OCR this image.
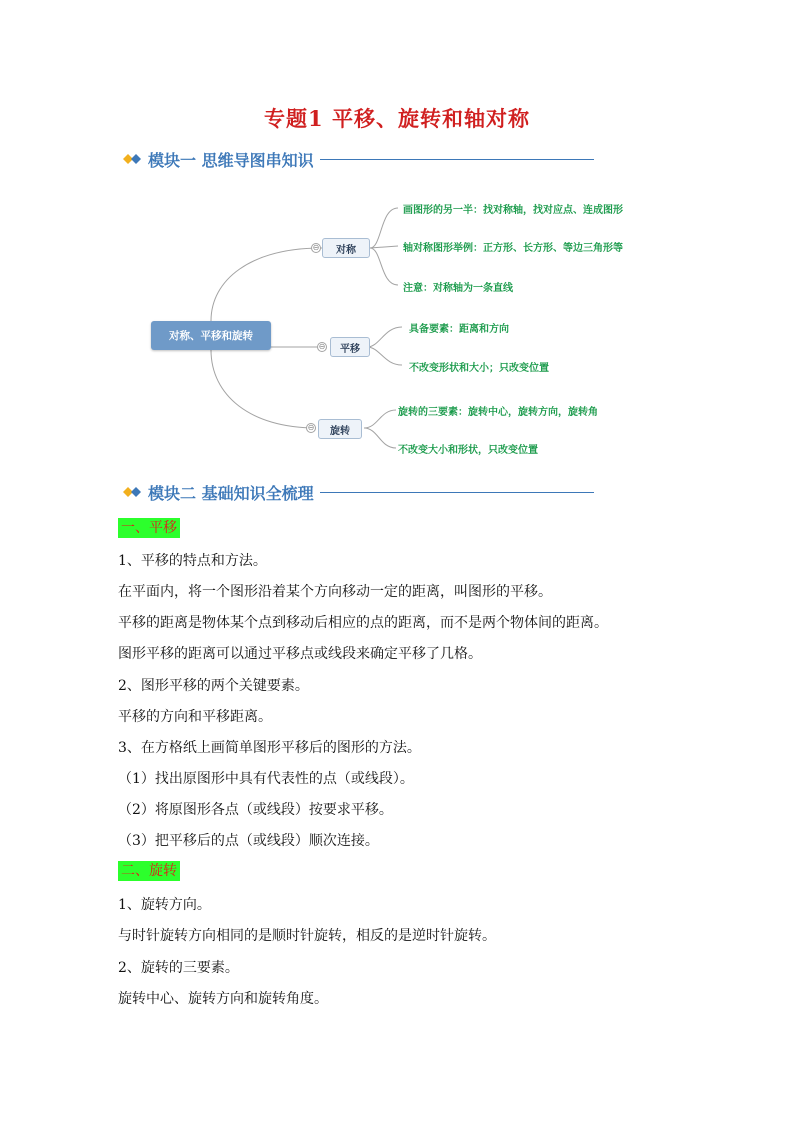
专题1 平移、旋转和轴对称
模块一 思维导图串知识
对称、平移和旋转
⊖	对称
画图形的另一半：找对称轴，找对应点、连成图形
轴对称图形举例：正方形、长方形、等边三角形等
注意：对称轴为一条直线
⊖	平移
具备要素：距离和方向
不改变形状和大小；只改变位置
⊖	旋转
旋转的三要素：旋转中心，旋转方向，旋转角
不改变大小和形状，只改变位置
模块二 基础知识全梳理
一、平移
1、平移的特点和方法。
在平面内，将一个图形沿着某个方向移动一定的距离，叫图形的平移。
平移的距离是物体某个点到移动后相应的点的距离，而不是两个物体间的距离。
图形平移的距离可以通过平移点或线段来确定平移了几格。
2、图形平移的两个关键要素。
平移的方向和平移距离。
3、在方格纸上画简单图形平移后的图形的方法。
（1）找出原图形中具有代表性的点（或线段）。
（2）将原图形各点（或线段）按要求平移。
（3）把平移后的点（或线段）顺次连接。
二、旋转
1、旋转方向。
与时针旋转方向相同的是顺时针旋转，相反的是逆时针旋转。
2、旋转的三要素。
旋转中心、旋转方向和旋转角度。
